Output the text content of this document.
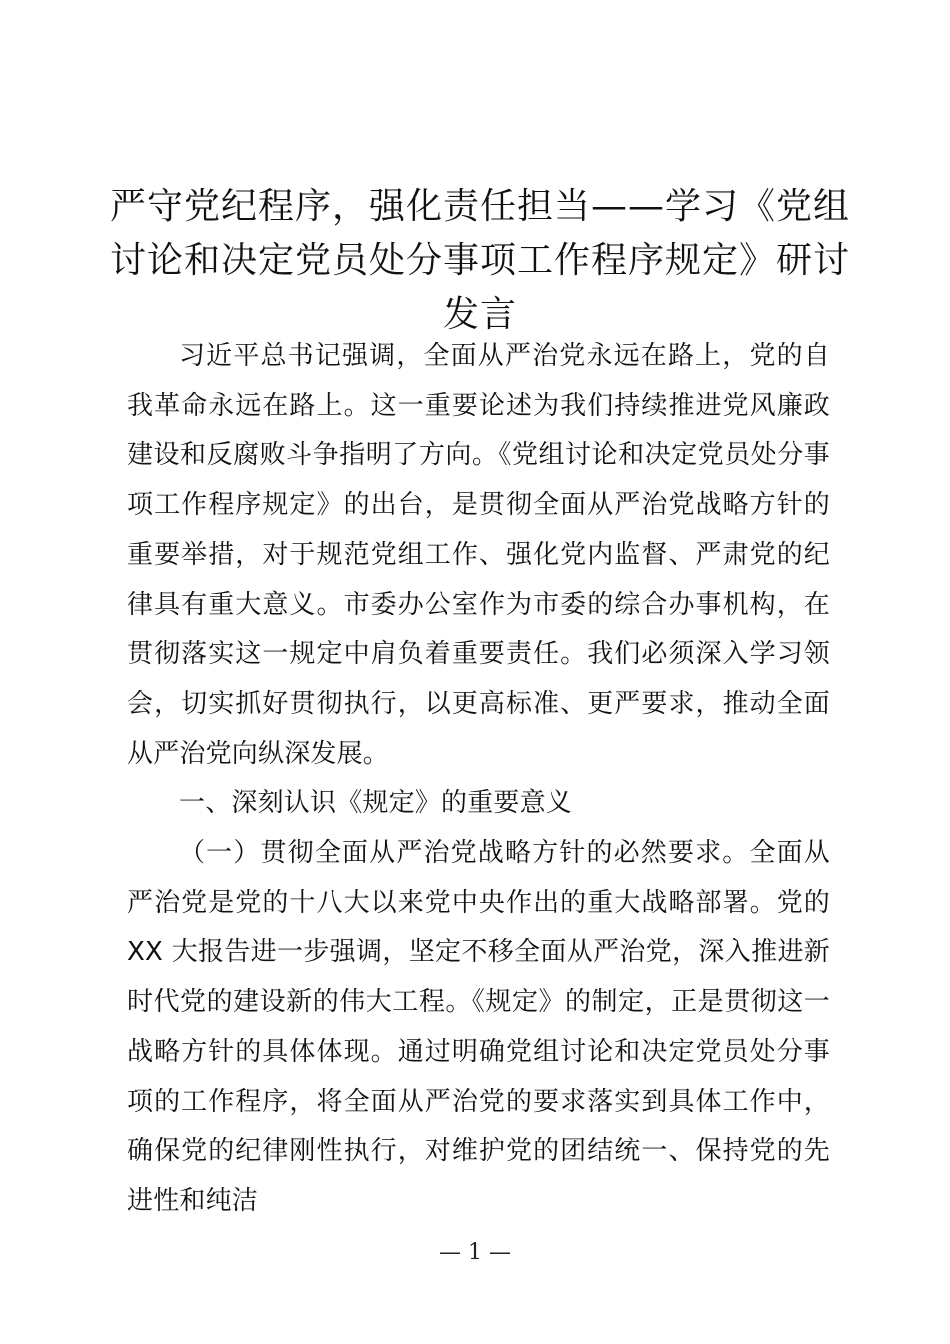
严守党纪程序，强化责任担当——学习《党组讨论和决定党员处分事项工作程序规定》研讨发言

习近平总书记强调，全面从严治党永远在路上，党的自我革命永远在路上。这一重要论述为我们持续推进党风廉政建设和反腐败斗争指明了方向。《党组讨论和决定党员处分事项工作程序规定》的出台，是贯彻全面从严治党战略方针的重要举措，对于规范党组工作、强化党内监督、严肃党的纪律具有重大意义。市委办公室作为市委的综合办事机构，在贯彻落实这一规定中肩负着重要责任。我们必须深入学习领会，切实抓好贯彻执行，以更高标准、更严要求，推动全面从严治党向纵深发展。

一、深刻认识《规定》的重要意义

（一）贯彻全面从严治党战略方针的必然要求。全面从严治党是党的十八大以来党中央作出的重大战略部署。党的 XX 大报告进一步强调，坚定不移全面从严治党，深入推进新时代党的建设新的伟大工程。《规定》的制定，正是贯彻这一战略方针的具体体现。通过明确党组讨论和决定党员处分事项的工作程序，将全面从严治党的要求落实到具体工作中，确保党的纪律刚性执行，对维护党的团结统一、保持党的先进性和纯洁

— 1 —
